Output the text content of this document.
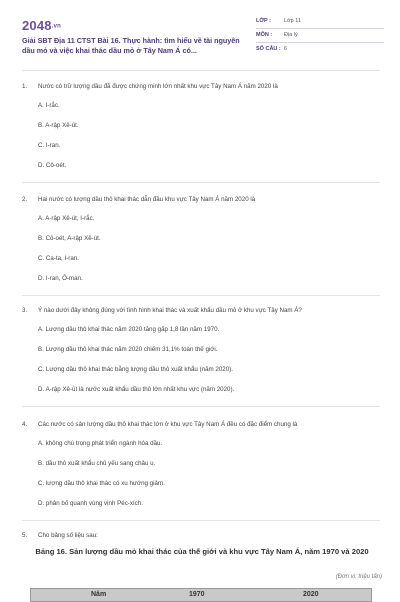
2048.vn
Giải SBT Địa 11 CTST Bài 16. Thực hành: tìm hiểu về tài nguyên dầu mỏ và việc khai thác dầu mỏ ở Tây Nam Á có...
LỚP : Lớp 11
MÔN : Địa lý
SỐ CÂU : 6
1. Nước có trữ lượng dầu đã được chứng minh lớn nhất khu vực Tây Nam Á năm 2020 là
A. I-rắc.
B. A-rập Xê-út.
C. I-ran.
D. Cô-oét.
2. Hai nước có lượng dầu thô khai thác dẫn đầu khu vực Tây Nam Á năm 2020 là
A. A-rập Xê-út, I-rắc.
B. Cô-oét, A-rập Xê-út.
C. Ca-ta, I-ran.
D. I-ran, Ô-man.
3. Ý nào dưới đây không đúng với tình hình khai thác và xuất khẩu dầu mỏ ở khu vực Tây Nam Á?
A. Lượng dầu thô khai thác năm 2020 tăng gấp 1,8 lần năm 1970.
B. Lượng dầu thô khai thác năm 2020 chiếm 31,1% toàn thế giới.
C. Lượng dầu thô khai thác bằng lượng dầu thô xuất khẩu (năm 2020).
D. A-rập Xê-út là nước xuất khẩu dầu thô lớn nhất khu vực (năm 2020).
4. Các nước có sản lượng dầu thô khai thác lớn ở khu vực Tây Nam Á đều có đặc điểm chung là
A. không chú trọng phát triển ngành hóa dầu.
B. dầu thô xuất khẩu chủ yếu sang châu u.
C. lượng dầu thô khai thác có xu hướng giảm.
D. phân bố quanh vùng vịnh Péc-xích.
5. Cho bảng số liệu sau:
Bảng 16. Sản lượng dầu mỏ khai thác của thế giới và khu vực Tây Nam Á, năm 1970 và 2020
(Đơn vị: triệu tấn)
Năm	1970	2020
